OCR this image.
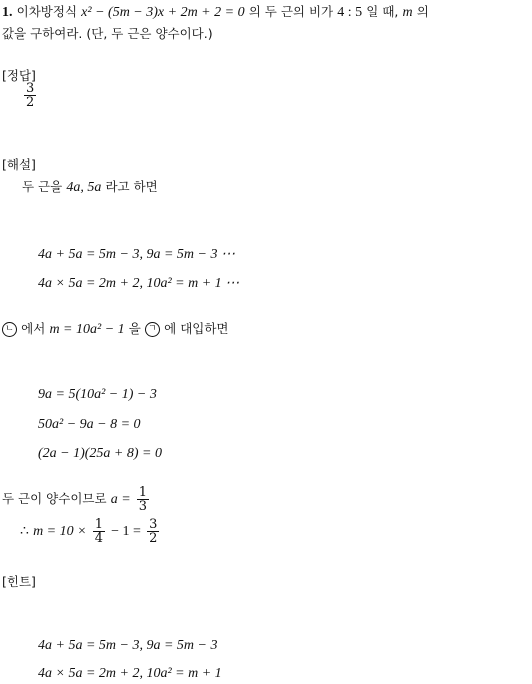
1. 이차방정식 x² − (5m − 3)x + 2m + 2 = 0 의 두 근의 비가 4 : 5 일 때, m 의
값을 구하여라. (단, 두 근은 양수이다.)
[정답]
$\frac{3}{2}$
[해설]
두 근을 4a, 5a 라고 하면
4a + 5a = 5m − 3, 9a = 5m − 3 ⋯
4a × 5a = 2m + 2, 10a² = m + 1 ⋯
ㄴ 에서 m = 10a² − 1 을 ㄱ 에 대입하면
9a = 5(10a² − 1) − 3
50a² − 9a − 8 = 0
(2a − 1)(25a + 8) = 0
두 근이 양수이므로 $a = \frac{1}{3}$
∴ $m = 10 \times \frac{1}{4} - 1 = \frac{3}{2}$
[힌트]
4a + 5a = 5m − 3, 9a = 5m − 3
4a × 5a = 2m + 2, 10a² = m + 1
